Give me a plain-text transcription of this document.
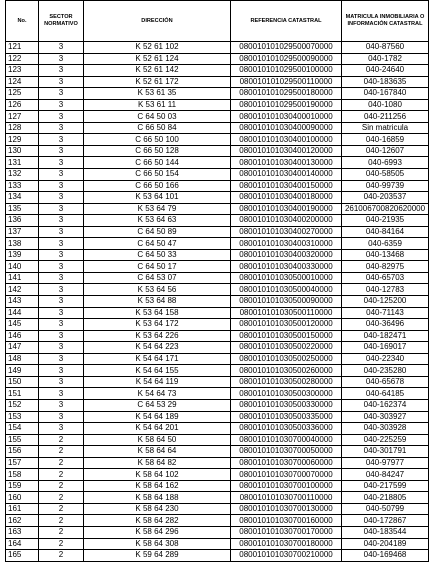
No.	SECTOR NORMATIVO	DIRECCIÓN	REFERENCIA CATASTRAL	MATRICULA INMOBILIARIA O INFORMACIÓN CATASTRAL
121	3	K 52 61 102	080010101029500070000	040-87560
122	3	K 52 61 124	080010101029500090000	040-1782
123	3	K 52 61 142	080010101029500100000	040-24640
124	3	K 52 61 172	080010101029500110000	040-183635
125	3	K 53 61 35	080010101029500180000	040-167840
126	3	K 53 61 11	080010101029500190000	040-1080
127	3	C 64 50 03	080010101030400010000	040-211256
128	3	C 66 50 84	080010101030400090000	Sin matricula
129	3	C 66 50 100	080010101030400100000	040-16859
130	3	C 66 50 128	080010101030400120000	040-12607
131	3	C 66 50 144	080010101030400130000	040-6993
132	3	C 66 50 154	080010101030400140000	040-58505
133	3	C 66 50 166	080010101030400150000	040-99739
134	3	K 53 64 101	080010101030400180000	040-203537
135	3	K 53 64 79	080010101030400190000	261006700820620000
136	3	K 53 64 63	080010101030400200000	040-21935
137	3	C 64 50 89	080010101030400270000	040-84164
138	3	C 64 50 47	080010101030400310000	040-6359
139	3	C 64 50 33	080010101030400320000	040-13468
140	3	C 64 50 17	080010101030400330000	040-82975
141	3	C 64 53 07	080010101030500010000	040-65703
142	3	K 53 64 56	080010101030500040000	040-12783
143	3	K 53 64 88	080010101030500090000	040-125200
144	3	K 53 64 158	080010101030500110000	040-71143
145	3	K 53 64 172	080010101030500120000	040-36496
146	3	K 53 64 226	080010101030500150000	040-182471
147	3	K 54 64 223	080010101030500220000	040-169017
148	3	K 54 64 171	080010101030500250000	040-22340
149	3	K 54 64 155	080010101030500260000	040-235280
150	3	K 54 64 119	080010101030500280000	040-65678
151	3	K 54 64 73	080010101030500300000	040-64185
152	3	C 64 53 29	080010101030500330000	040-162374
153	3	K 54 64 189	080010101030500335000	040-303927
154	3	K 54 64 201	080010101030500336000	040-303928
155	2	K 58 64 50	080010101030700040000	040-225259
156	2	K 58 64 64	080010101030700050000	040-301791
157	2	K 58 64 82	080010101030700060000	040-97977
158	2	K 58 64 102	080010101030700070000	040-84247
159	2	K 58 64 162	080010101030700100000	040-217599
160	2	K 58 64 188	080010101030700110000	040-218805
161	2	K 58 64 230	080010101030700130000	040-50799
162	2	K 58 64 282	080010101030700160000	040-172867
163	2	K 58 64 296	080010101030700170000	040-183544
164	2	K 58 64 308	080010101030700180000	040-204189
165	2	K 59 64 289	080010101030700210000	040-169468
